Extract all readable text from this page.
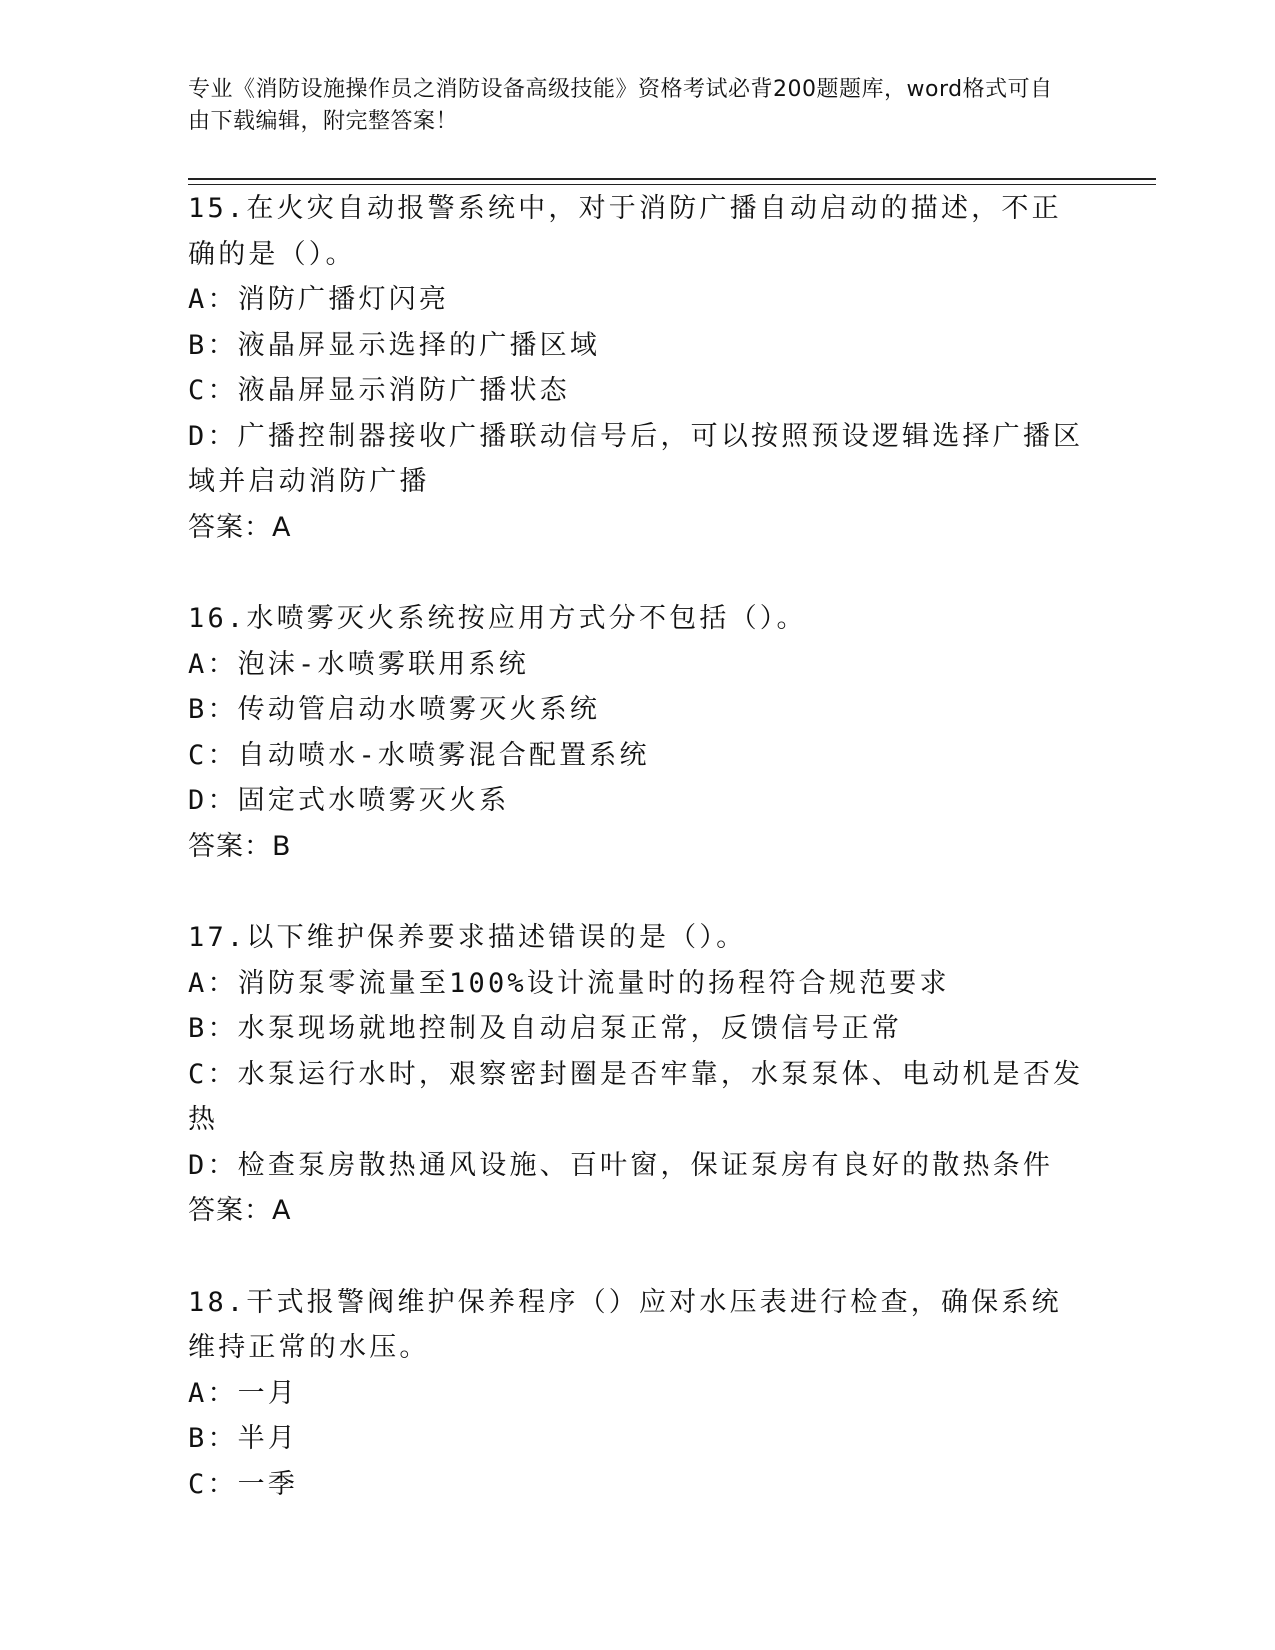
专业《消防设施操作员之消防设备高级技能》资格考试必背200题题库，word格式可自由下载编辑，附完整答案！

15.在火灾自动报警系统中，对于消防广播自动启动的描述，不正确的是（）。

A：消防广播灯闪亮

B：液晶屏显示选择的广播区域

C：液晶屏显示消防广播状态

D：广播控制器接收广播联动信号后，可以按照预设逻辑选择广播区域并启动消防广播

答案：A

16.水喷雾灭火系统按应用方式分不包括（）。

A：泡沫-水喷雾联用系统

B：传动管启动水喷雾灭火系统

C：自动喷水-水喷雾混合配置系统

D：固定式水喷雾灭火系

答案：B

17.以下维护保养要求描述错误的是（）。

A：消防泵零流量至100%设计流量时的扬程符合规范要求

B：水泵现场就地控制及自动启泵正常，反馈信号正常

C：水泵运行水时，艰察密封圈是否牢靠，水泵泵体、电动机是否发热

D：检查泵房散热通风设施、百叶窗，保证泵房有良好的散热条件

答案：A

18.干式报警阀维护保养程序（）应对水压表进行检查，确保系统维持正常的水压。

A：一月

B：半月

C：一季
